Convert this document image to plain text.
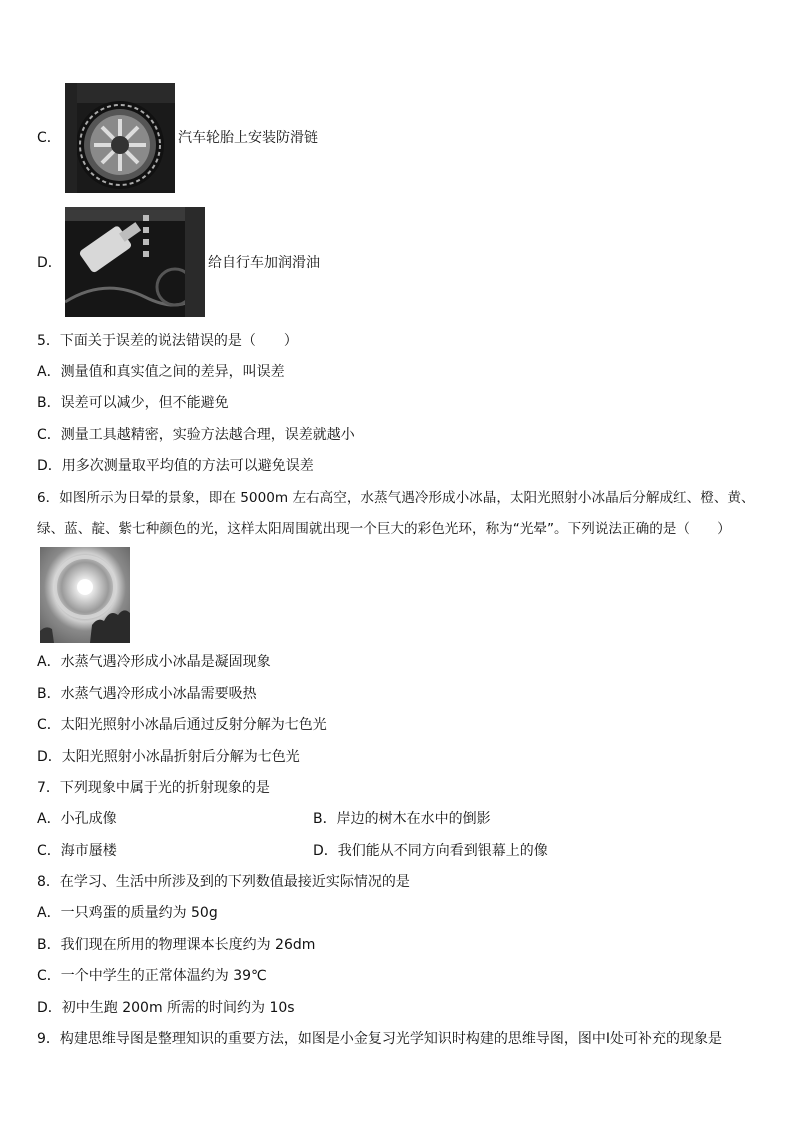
C．	汽车轮胎上安装防滑链
D．	给自行车加润滑油
5．下面关于误差的说法错误的是（　　）
A．测量值和真实值之间的差异，叫误差
B．误差可以减少，但不能避免
C．测量工具越精密，实验方法越合理，误差就越小
D．用多次测量取平均值的方法可以避免误差
6．如图所示为日晕的景象，即在 5000m 左右高空，水蒸气遇冷形成小冰晶，太阳光照射小冰晶后分解成红、橙、黄、
绿、蓝、靛、紫七种颜色的光，这样太阳周围就出现一个巨大的彩色光环，称为“光晕”。下列说法正确的是（　　）
A．水蒸气遇冷形成小冰晶是凝固现象
B．水蒸气遇冷形成小冰晶需要吸热
C．太阳光照射小冰晶后通过反射分解为七色光
D．太阳光照射小冰晶折射后分解为七色光
7．下列现象中属于光的折射现象的是
A．小孔成像	B．岸边的树木在水中的倒影
C．海市蜃楼	D．我们能从不同方向看到银幕上的像
8．在学习、生活中所涉及到的下列数值最接近实际情况的是
A．一只鸡蛋的质量约为 50g
B．我们现在所用的物理课本长度约为 26dm
C．一个中学生的正常体温约为 39℃
D．初中生跑 200m 所需的时间约为 10s
9．构建思维导图是整理知识的重要方法，如图是小金复习光学知识时构建的思维导图，图中Ⅰ处可补充的现象是
